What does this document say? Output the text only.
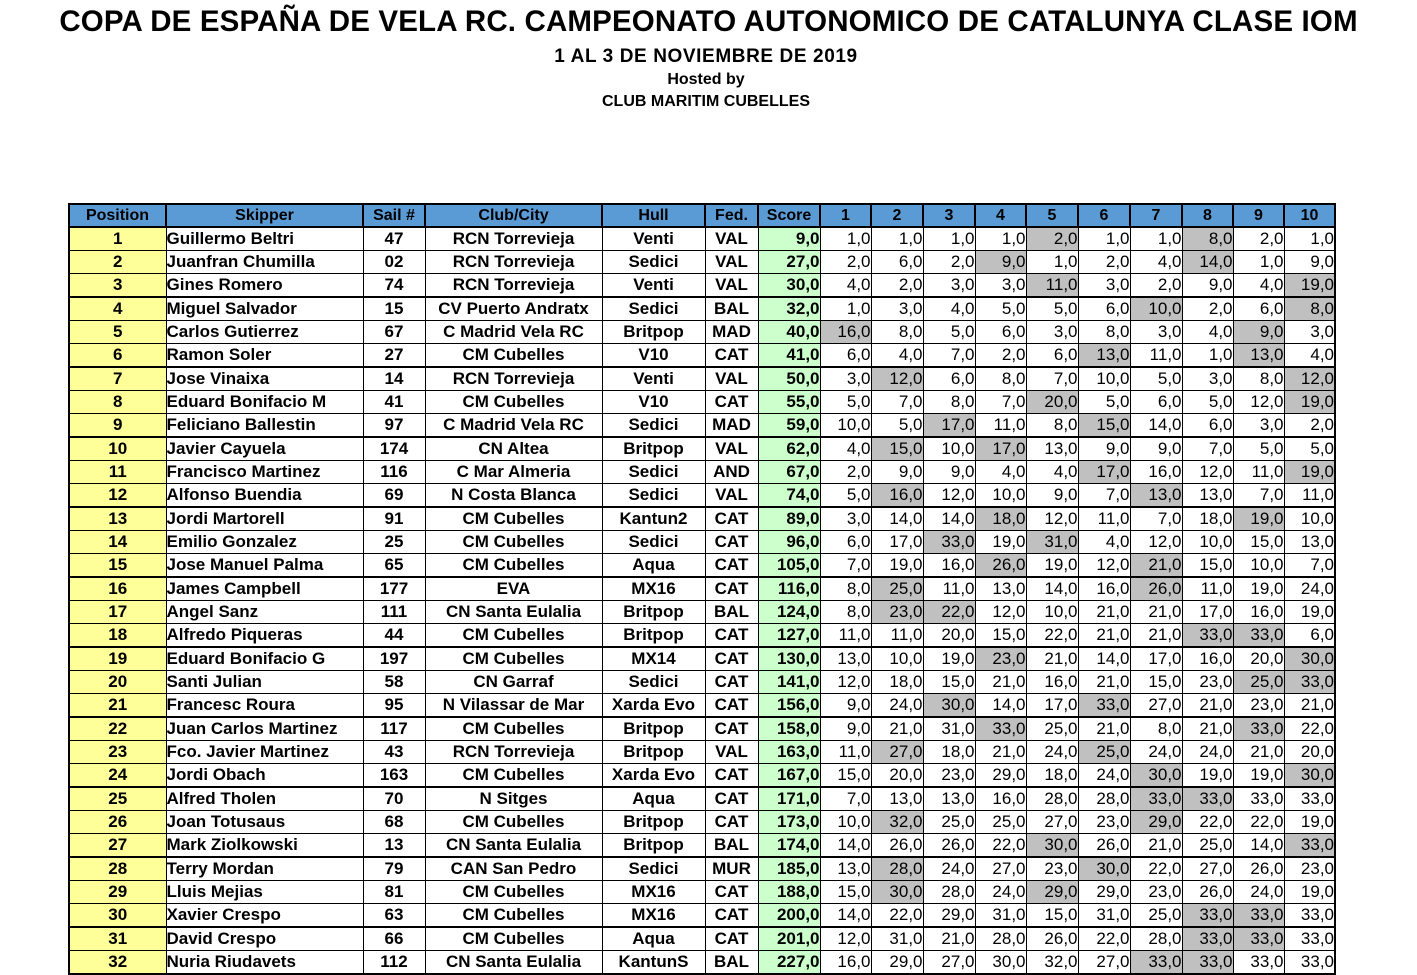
COPA DE ESPAÑA DE VELA RC. CAMPEONATO AUTONOMICO DE CATALUNYA CLASE IOM
1 AL 3 DE NOVIEMBRE DE 2019
Hosted by
CLUB MARITIM CUBELLES
Position	Skipper	Sail #	Club/City	Hull	Fed.	Score	1	2	3	4	5	6	7	8	9	10
1	Guillermo Beltri	47	RCN Torrevieja	Venti	VAL	9,0	1,0	1,0	1,0	1,0	2,0	1,0	1,0	8,0	2,0	1,0
2	Juanfran Chumilla	02	RCN Torrevieja	Sedici	VAL	27,0	2,0	6,0	2,0	9,0	1,0	2,0	4,0	14,0	1,0	9,0
3	Gines Romero	74	RCN Torrevieja	Venti	VAL	30,0	4,0	2,0	3,0	3,0	11,0	3,0	2,0	9,0	4,0	19,0
4	Miguel Salvador	15	CV Puerto Andratx	Sedici	BAL	32,0	1,0	3,0	4,0	5,0	5,0	6,0	10,0	2,0	6,0	8,0
5	Carlos Gutierrez	67	C Madrid Vela RC	Britpop	MAD	40,0	16,0	8,0	5,0	6,0	3,0	8,0	3,0	4,0	9,0	3,0
6	Ramon Soler	27	CM Cubelles	V10	CAT	41,0	6,0	4,0	7,0	2,0	6,0	13,0	11,0	1,0	13,0	4,0
7	Jose Vinaixa	14	RCN Torrevieja	Venti	VAL	50,0	3,0	12,0	6,0	8,0	7,0	10,0	5,0	3,0	8,0	12,0
8	Eduard Bonifacio M	41	CM Cubelles	V10	CAT	55,0	5,0	7,0	8,0	7,0	20,0	5,0	6,0	5,0	12,0	19,0
9	Feliciano Ballestin	97	C Madrid Vela RC	Sedici	MAD	59,0	10,0	5,0	17,0	11,0	8,0	15,0	14,0	6,0	3,0	2,0
10	Javier Cayuela	174	CN Altea	Britpop	VAL	62,0	4,0	15,0	10,0	17,0	13,0	9,0	9,0	7,0	5,0	5,0
11	Francisco Martinez	116	C Mar Almeria	Sedici	AND	67,0	2,0	9,0	9,0	4,0	4,0	17,0	16,0	12,0	11,0	19,0
12	Alfonso Buendia	69	N Costa Blanca	Sedici	VAL	74,0	5,0	16,0	12,0	10,0	9,0	7,0	13,0	13,0	7,0	11,0
13	Jordi Martorell	91	CM Cubelles	Kantun2	CAT	89,0	3,0	14,0	14,0	18,0	12,0	11,0	7,0	18,0	19,0	10,0
14	Emilio Gonzalez	25	CM Cubelles	Sedici	CAT	96,0	6,0	17,0	33,0	19,0	31,0	4,0	12,0	10,0	15,0	13,0
15	Jose Manuel Palma	65	CM Cubelles	Aqua	CAT	105,0	7,0	19,0	16,0	26,0	19,0	12,0	21,0	15,0	10,0	7,0
16	James Campbell	177	EVA	MX16	CAT	116,0	8,0	25,0	11,0	13,0	14,0	16,0	26,0	11,0	19,0	24,0
17	Angel Sanz	111	CN Santa Eulalia	Britpop	BAL	124,0	8,0	23,0	22,0	12,0	10,0	21,0	21,0	17,0	16,0	19,0
18	Alfredo Piqueras	44	CM Cubelles	Britpop	CAT	127,0	11,0	11,0	20,0	15,0	22,0	21,0	21,0	33,0	33,0	6,0
19	Eduard Bonifacio G	197	CM Cubelles	MX14	CAT	130,0	13,0	10,0	19,0	23,0	21,0	14,0	17,0	16,0	20,0	30,0
20	Santi Julian	58	CN Garraf	Sedici	CAT	141,0	12,0	18,0	15,0	21,0	16,0	21,0	15,0	23,0	25,0	33,0
21	Francesc Roura	95	N Vilassar de Mar	Xarda Evo	CAT	156,0	9,0	24,0	30,0	14,0	17,0	33,0	27,0	21,0	23,0	21,0
22	Juan Carlos Martinez	117	CM Cubelles	Britpop	CAT	158,0	9,0	21,0	31,0	33,0	25,0	21,0	8,0	21,0	33,0	22,0
23	Fco. Javier Martinez	43	RCN Torrevieja	Britpop	VAL	163,0	11,0	27,0	18,0	21,0	24,0	25,0	24,0	24,0	21,0	20,0
24	Jordi Obach	163	CM Cubelles	Xarda Evo	CAT	167,0	15,0	20,0	23,0	29,0	18,0	24,0	30,0	19,0	19,0	30,0
25	Alfred Tholen	70	N Sitges	Aqua	CAT	171,0	7,0	13,0	13,0	16,0	28,0	28,0	33,0	33,0	33,0	33,0
26	Joan Totusaus	68	CM Cubelles	Britpop	CAT	173,0	10,0	32,0	25,0	25,0	27,0	23,0	29,0	22,0	22,0	19,0
27	Mark Ziolkowski	13	CN Santa Eulalia	Britpop	BAL	174,0	14,0	26,0	26,0	22,0	30,0	26,0	21,0	25,0	14,0	33,0
28	Terry Mordan	79	CAN San Pedro	Sedici	MUR	185,0	13,0	28,0	24,0	27,0	23,0	30,0	22,0	27,0	26,0	23,0
29	Lluis Mejias	81	CM Cubelles	MX16	CAT	188,0	15,0	30,0	28,0	24,0	29,0	29,0	23,0	26,0	24,0	19,0
30	Xavier Crespo	63	CM Cubelles	MX16	CAT	200,0	14,0	22,0	29,0	31,0	15,0	31,0	25,0	33,0	33,0	33,0
31	David Crespo	66	CM Cubelles	Aqua	CAT	201,0	12,0	31,0	21,0	28,0	26,0	22,0	28,0	33,0	33,0	33,0
32	Nuria Riudavets	112	CN Santa Eulalia	KantunS	BAL	227,0	16,0	29,0	27,0	30,0	32,0	27,0	33,0	33,0	33,0	33,0
